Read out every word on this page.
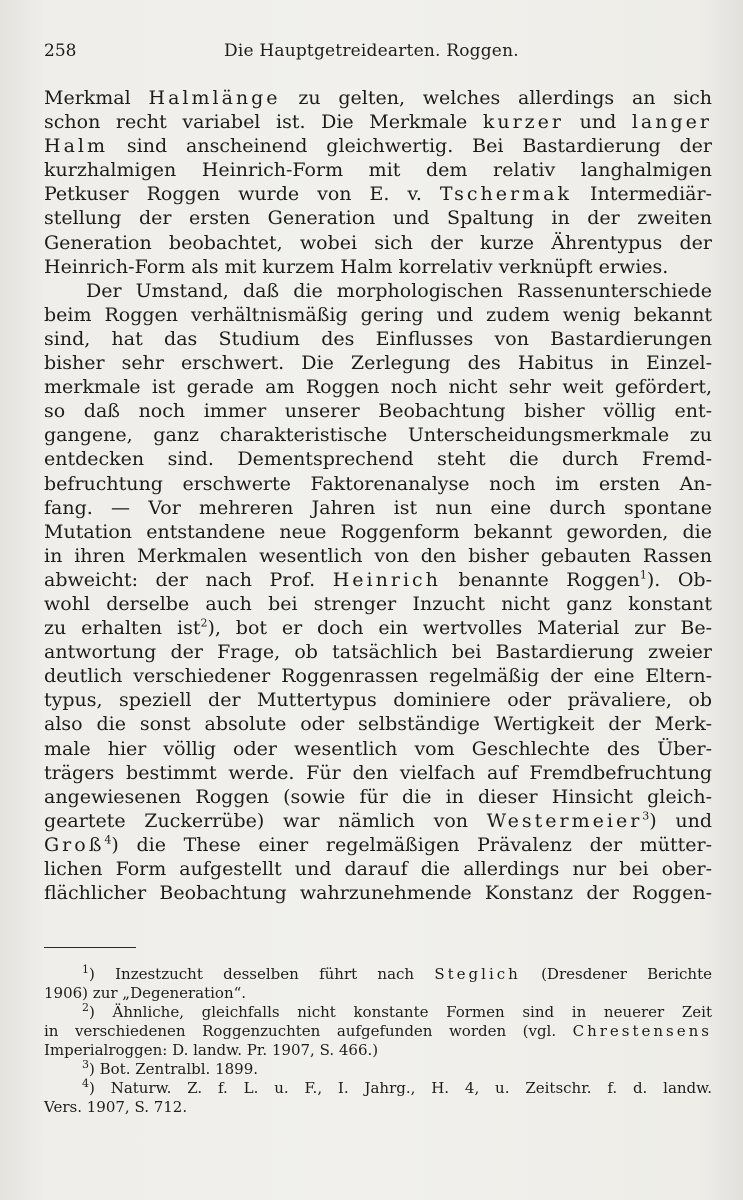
258	Die Hauptgetreidearten. Roggen.
Merkmal Halmlänge zu gelten, welches allerdings an sich
schon recht variabel ist. Die Merkmale kurzer und langer
Halm sind anscheinend gleichwertig. Bei Bastardierung der
kurzhalmigen Heinrich-Form mit dem relativ langhalmigen
Petkuser Roggen wurde von E. v. Tschermak Intermediär-
stellung der ersten Generation und Spaltung in der zweiten
Generation beobachtet, wobei sich der kurze Ährentypus der
Heinrich-Form als mit kurzem Halm korrelativ verknüpft erwies.
Der Umstand, daß die morphologischen Rassenunterschiede
beim Roggen verhältnismäßig gering und zudem wenig bekannt
sind, hat das Studium des Einflusses von Bastardierungen
bisher sehr erschwert. Die Zerlegung des Habitus in Einzel-
merkmale ist gerade am Roggen noch nicht sehr weit gefördert,
so daß noch immer unserer Beobachtung bisher völlig ent-
gangene, ganz charakteristische Unterscheidungsmerkmale zu
entdecken sind. Dementsprechend steht die durch Fremd-
befruchtung erschwerte Faktorenanalyse noch im ersten An-
fang. — Vor mehreren Jahren ist nun eine durch spontane
Mutation entstandene neue Roggenform bekannt geworden, die
in ihren Merkmalen wesentlich von den bisher gebauten Rassen
abweicht: der nach Prof. Heinrich benannte Roggen$^1$). Ob-
wohl derselbe auch bei strenger Inzucht nicht ganz konstant
zu erhalten ist$^2$), bot er doch ein wertvolles Material zur Be-
antwortung der Frage, ob tatsächlich bei Bastardierung zweier
deutlich verschiedener Roggenrassen regelmäßig der eine Eltern-
typus, speziell der Muttertypus dominiere oder prävaliere, ob
also die sonst absolute oder selbständige Wertigkeit der Merk-
male hier völlig oder wesentlich vom Geschlechte des Über-
trägers bestimmt werde. Für den vielfach auf Fremdbefruchtung
angewiesenen Roggen (sowie für die in dieser Hinsicht gleich-
geartete Zuckerrübe) war nämlich von Westermeier$^3$) und
Groß$^4$) die These einer regelmäßigen Prävalenz der mütter-
lichen Form aufgestellt und darauf die allerdings nur bei ober-
flächlicher Beobachtung wahrzunehmende Konstanz der Roggen-
$^1$) Inzestzucht desselben führt nach Steglich (Dresdener Berichte
1906) zur „Degeneration“.
$^2$) Ähnliche, gleichfalls nicht konstante Formen sind in neuerer Zeit
in verschiedenen Roggenzuchten aufgefunden worden (vgl. Chrestensens
Imperialroggen: D. landw. Pr. 1907, S. 466.)
$^3$) Bot. Zentralbl. 1899.
$^4$) Naturw. Z. f. L. u. F., I. Jahrg., H. 4, u. Zeitschr. f. d. landw.
Vers. 1907, S. 712.
